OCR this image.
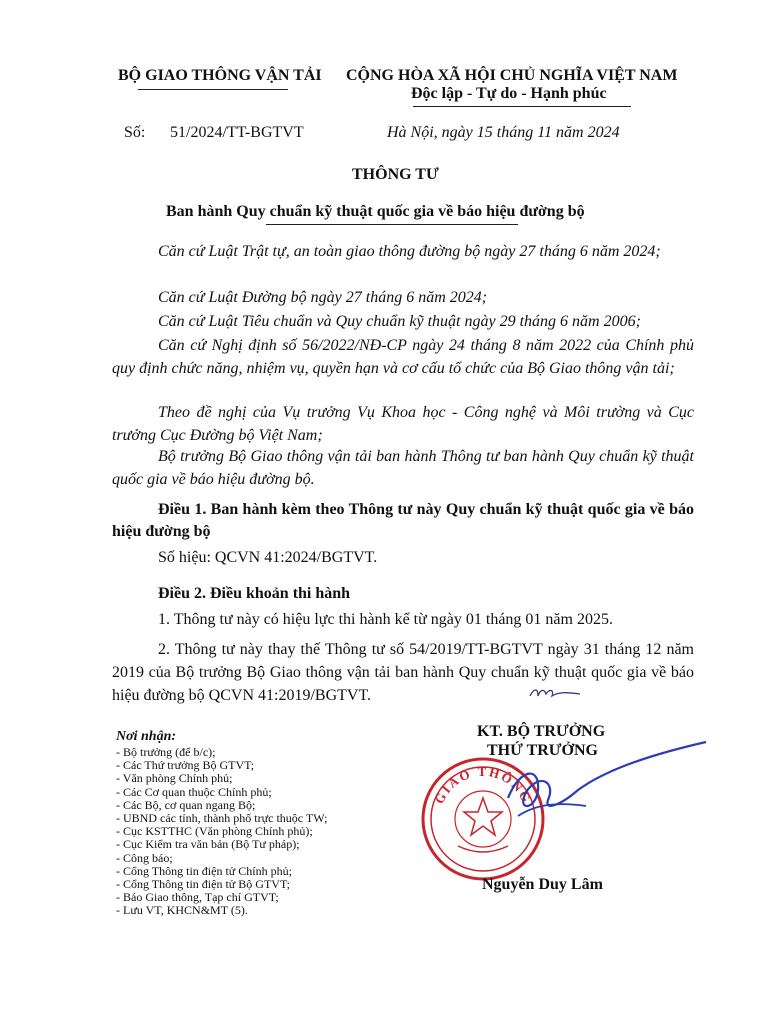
BỘ GIAO THÔNG VẬN TẢI CỘNG HÒA XÃ HỘI CHỦ NGHĨA VIỆT NAM
Độc lập - Tự do - Hạnh phúc
Số: 51/2024/TT-BGTVT	Hà Nội, ngày 15 tháng 11 năm 2024
THÔNG TƯ
Ban hành Quy chuẩn kỹ thuật quốc gia về báo hiệu đường bộ
Căn cứ Luật Trật tự, an toàn giao thông đường bộ ngày 27 tháng 6 năm 2024;
Căn cứ Luật Đường bộ ngày 27 tháng 6 năm 2024;
Căn cứ Luật Tiêu chuẩn và Quy chuẩn kỹ thuật ngày 29 tháng 6 năm 2006;
Căn cứ Nghị định số 56/2022/NĐ-CP ngày 24 tháng 8 năm 2022 của Chính phủ quy định chức năng, nhiệm vụ, quyền hạn và cơ cấu tổ chức của Bộ Giao thông vận tải;
Theo đề nghị của Vụ trưởng Vụ Khoa học - Công nghệ và Môi trường và Cục trưởng Cục Đường bộ Việt Nam;
Bộ trưởng Bộ Giao thông vận tải ban hành Thông tư ban hành Quy chuẩn kỹ thuật quốc gia về báo hiệu đường bộ.
Điều 1. Ban hành kèm theo Thông tư này Quy chuẩn kỹ thuật quốc gia về báo hiệu đường bộ
Số hiệu: QCVN 41:2024/BGTVT.
Điều 2. Điều khoản thi hành
1. Thông tư này có hiệu lực thi hành kể từ ngày 01 tháng 01 năm 2025.
2. Thông tư này thay thế Thông tư số 54/2019/TT-BGTVT ngày 31 tháng 12 năm 2019 của Bộ trưởng Bộ Giao thông vận tải ban hành Quy chuẩn kỹ thuật quốc gia về báo hiệu đường bộ QCVN 41:2019/BGTVT.
Nơi nhận:
- Bộ trưởng (để b/c);
- Các Thứ trưởng Bộ GTVT;
- Văn phòng Chính phủ;
- Các Cơ quan thuộc Chính phủ;
- Các Bộ, cơ quan ngang Bộ;
- UBND các tỉnh, thành phố trực thuộc TW;
- Cục KSTTHC (Văn phòng Chính phủ);
- Cục Kiểm tra văn bản (Bộ Tư pháp);
- Công báo;
- Cổng Thông tin điện tử Chính phủ;
- Cổng Thông tin điện tử Bộ GTVT;
- Báo Giao thông, Tạp chí GTVT;
- Lưu VT, KHCN&MT (5).
KT. BỘ TRƯỞNG
THỨ TRƯỞNG
GIAO THÔNG
Nguyễn Duy Lâm
